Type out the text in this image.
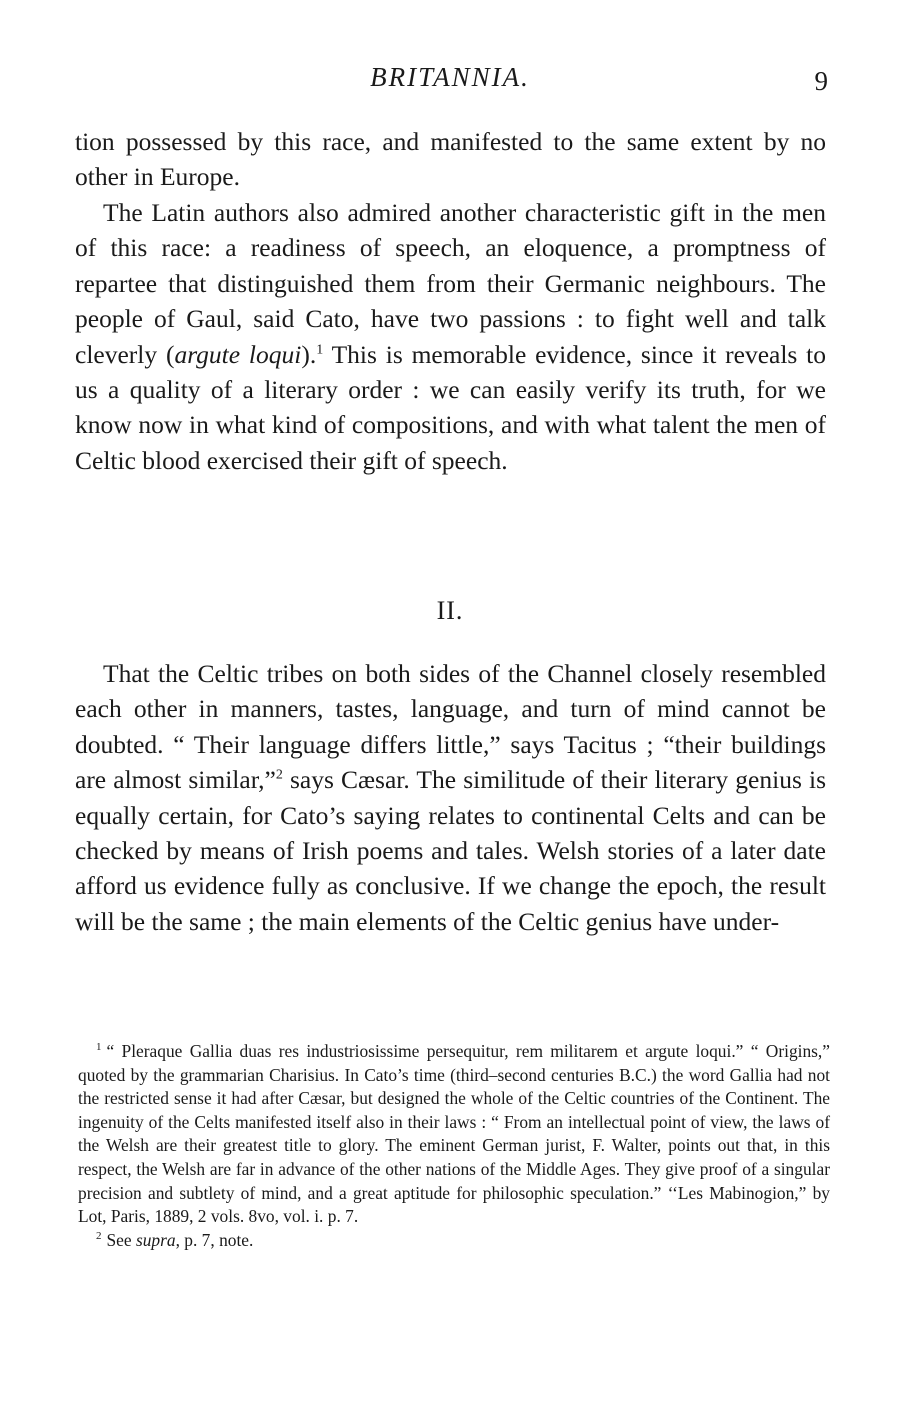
BRITANNIA.	9

tion possessed by this race, and manifested to the same extent by no other in Europe.

The Latin authors also admired another characteristic gift in the men of this race: a readiness of speech, an eloquence, a promptness of repartee that distinguished them from their Germanic neighbours. The people of Gaul, said Cato, have two passions : to fight well and talk cleverly (argute loqui).$^1$ This is memorable evidence, since it reveals to us a quality of a literary order : we can easily verify its truth, for we know now in what kind of compositions, and with what talent the men of Celtic blood exercised their gift of speech.

II.

That the Celtic tribes on both sides of the Channel closely resembled each other in manners, tastes, language, and turn of mind cannot be doubted. “ Their language differs little,” says Tacitus ; “their buildings are almost similar,”$^2$ says Cæsar. The similitude of their literary genius is equally certain, for Cato’s saying relates to continental Celts and can be checked by means of Irish poems and tales. Welsh stories of a later date afford us evidence fully as conclusive. If we change the epoch, the result will be the same ; the main elements of the Celtic genius have under-

$^1$ “ Pleraque Gallia duas res industriosissime persequitur, rem militarem et argute loqui.” “ Origins,” quoted by the grammarian Charisius. In Cato’s time (third–second centuries B.C.) the word Gallia had not the restricted sense it had after Cæsar, but designed the whole of the Celtic countries of the Continent. The ingenuity of the Celts manifested itself also in their laws : “ From an intellectual point of view, the laws of the Welsh are their greatest title to glory. The eminent German jurist, F. Walter, points out that, in this respect, the Welsh are far in advance of the other nations of the Middle Ages. They give proof of a singular precision and subtlety of mind, and a great aptitude for philosophic speculation.” ‘‘Les Mabinogion,” by Lot, Paris, 1889, 2 vols. 8vo, vol. i. p. 7.

$^2$ See supra, p. 7, note.
